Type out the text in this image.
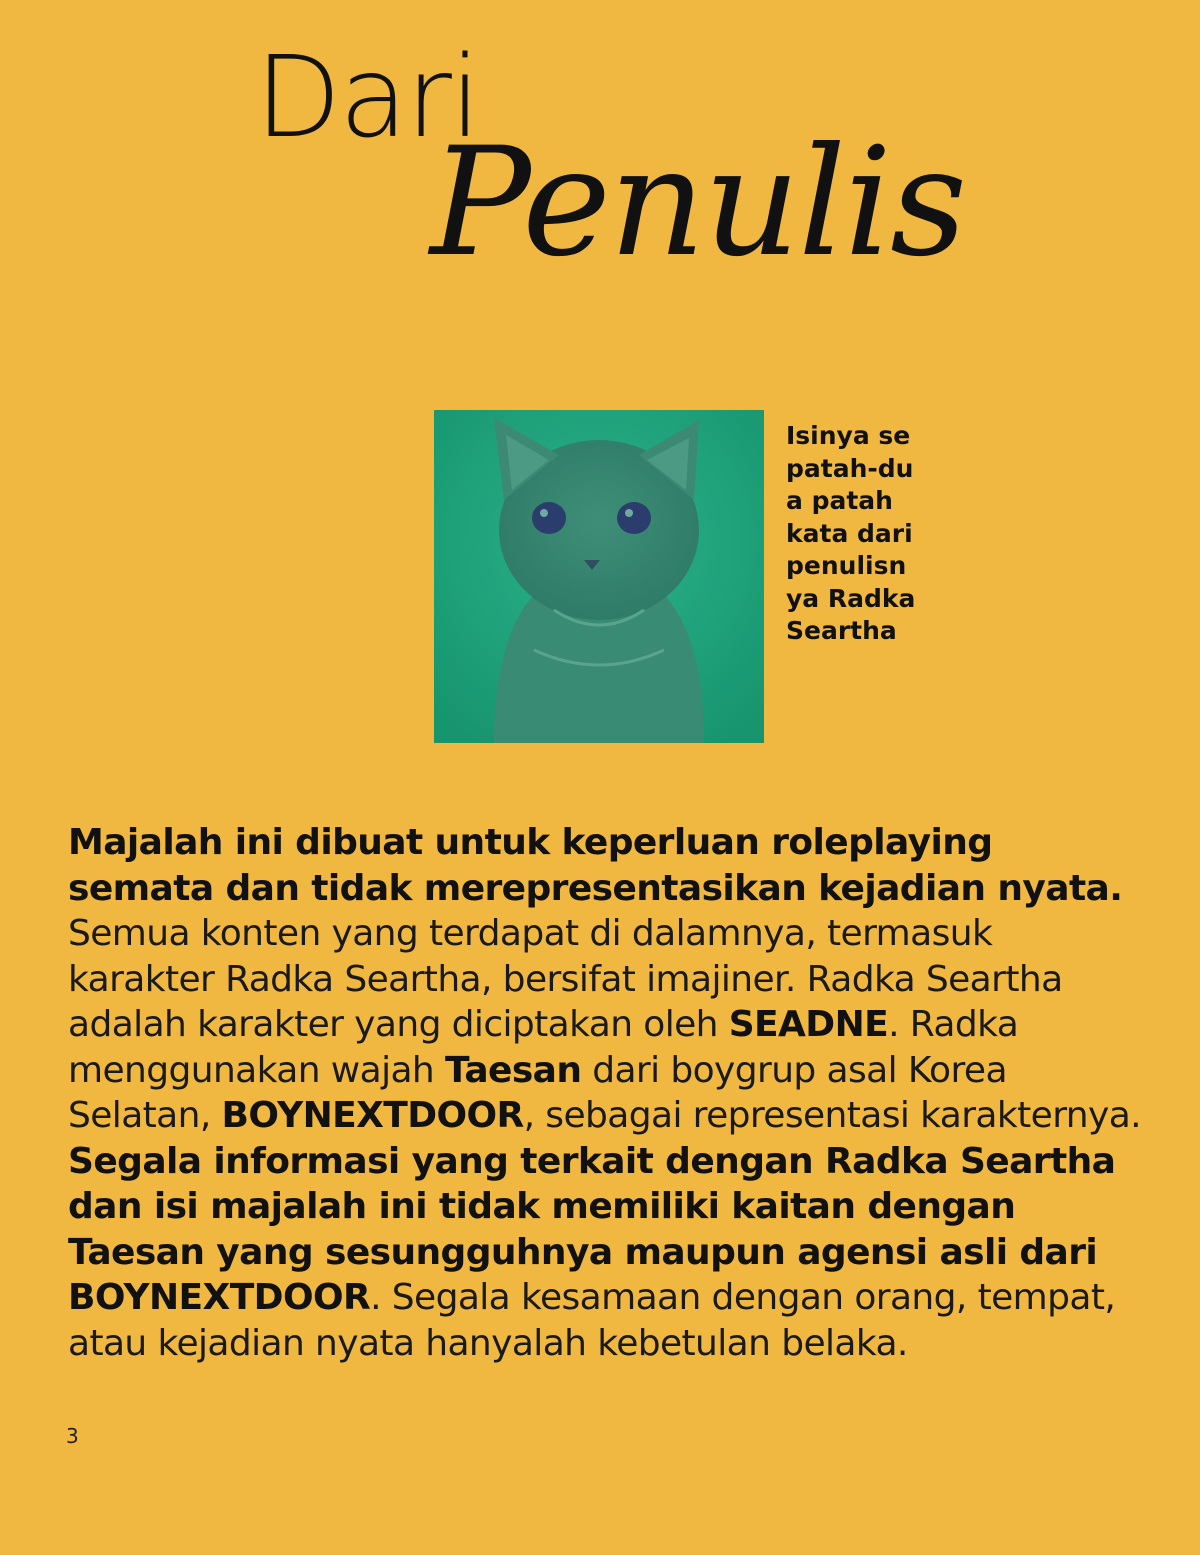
Dari
Penulis
Isinya sepatah-dua patah kata dari penulisnya Radka Seartha
Majalah ini dibuat untuk keperluan roleplaying semata dan tidak merepresentasikan kejadian nyata. Semua konten yang terdapat di dalamnya, termasuk karakter Radka Seartha, bersifat imajiner. Radka Seartha adalah karakter yang diciptakan oleh SEADNE. Radka menggunakan wajah Taesan dari boygrup asal Korea Selatan, BOYNEXTDOOR, sebagai representasi karakternya. Segala informasi yang terkait dengan Radka Seartha dan isi majalah ini tidak memiliki kaitan dengan Taesan yang sesungguhnya maupun agensi asli dari BOYNEXTDOOR. Segala kesamaan dengan orang, tempat, atau kejadian nyata hanyalah kebetulan belaka.
3
